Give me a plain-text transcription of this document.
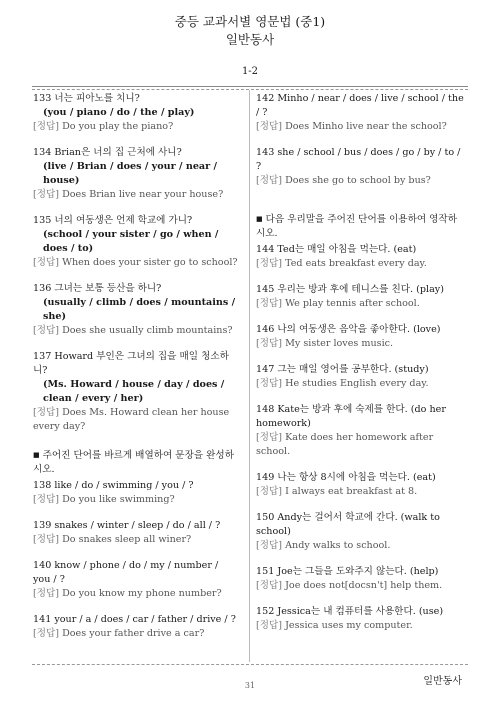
중등 교과서별 영문법 (중1)
일반동사
1-2
133 너는 피아노를 치니?
(you / piano / do / the / play)
[정답] Do you play the piano?
134 Brian은 너의 집 근처에 사니?
(live / Brian / does / your / near / house)
[정답] Does Brian live near your house?
135 너의 여동생은 언제 학교에 가니?
(school / your sister / go / when / does / to)
[정답] When does your sister go to school?
136 그녀는 보통 등산을 하니?
(usually / climb / does / mountains / she)
[정답] Does she usually climb mountains?
137 Howard 부인은 그녀의 집을 매일 청소하니?
(Ms. Howard / house / day / does / clean / every / her)
[정답] Does Ms. Howard clean her house every day?
■ 주어진 단어를 바르게 배열하여 문장을 완성하시오.
138 like / do / swimming / you / ?
[정답] Do you like swimming?
139 snakes / winter / sleep / do / all / ?
[정답] Do snakes sleep all winer?
140 know / phone / do / my / number / you / ?
[정답] Do you know my phone number?
141 your / a / does / car / father / drive / ?
[정답] Does your father drive a car?
142 Minho / near / does / live / school / the / ?
[정답] Does Minho live near the school?
143 she / school / bus / does / go / by / to / ?
[정답] Does she go to school by bus?
■ 다음 우리말을 주어진 단어를 이용하여 영작하시오.
144 Ted는 매일 아침을 먹는다. (eat)
[정답] Ted eats breakfast every day.
145 우리는 방과 후에 테니스를 친다. (play)
[정답] We play tennis after school.
146 나의 여동생은 음악을 좋아한다. (love)
[정답] My sister loves music.
147 그는 매일 영어를 공부한다. (study)
[정답] He studies English every day.
148 Kate는 방과 후에 숙제를 한다. (do her homework)
[정답] Kate does her homework after school.
149 나는 항상 8시에 아침을 먹는다. (eat)
[정답] I always eat breakfast at 8.
150 Andy는 걸어서 학교에 간다. (walk to school)
[정답] Andy walks to school.
151 Joe는 그들을 도와주지 않는다. (help)
[정답] Joe does not[docsn't] help them.
152 Jessica는 내 컴퓨터를 사용한다. (use)
[정답] Jessica uses my computer.
일반동사
31
